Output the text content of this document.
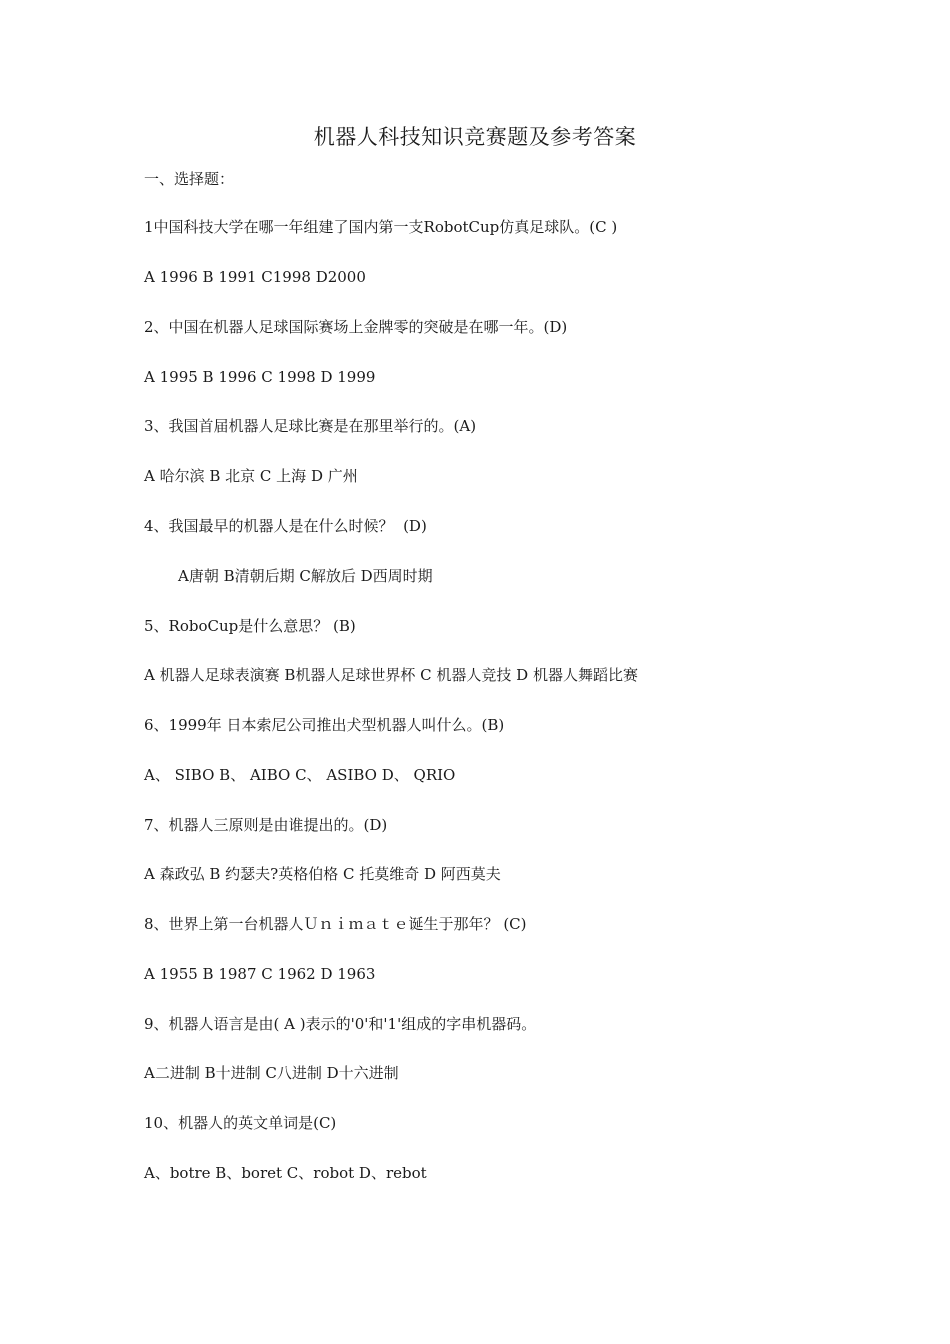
机器人科技知识竞赛题及参考答案
一、选择题：
1中国科技大学在哪一年组建了国内第一支RobotCup仿真足球队。(C )
A 1996 B 1991 C1998 D2000
2、中国在机器人足球国际赛场上金牌零的突破是在哪一年。(D)
A 1995 B 1996 C 1998 D 1999
3、我国首届机器人足球比赛是在那里举行的。(A)
A 哈尔滨 B 北京 C 上海 D 广州
4、我国最早的机器人是在什么时候？  (D)
A唐朝 B清朝后期 C解放后 D西周时期
5、RoboCup是什么意思？ (B)
A 机器人足球表演赛 B机器人足球世界杯 C 机器人竞技 D 机器人舞蹈比赛
6、1999年 日本索尼公司推出犬型机器人叫什么。(B)
A、 SIBO B、 AIBO C、 ASIBO D、 QRIO
7、机器人三原则是由谁提出的。(D)
A 森政弘 B 约瑟夫?英格伯格 C 托莫维奇 D 阿西莫夫
8、世界上第一台机器人Ｕｎｉｍａｔｅ诞生于那年？ (C)
A 1955 B 1987 C 1962 D 1963
9、机器人语言是由( A )表示的'0'和'1'组成的字串机器码。
A二进制 B十进制 C八进制 D十六进制
10、机器人的英文单词是(C)
A、botre B、boret C、robot D、rebot
